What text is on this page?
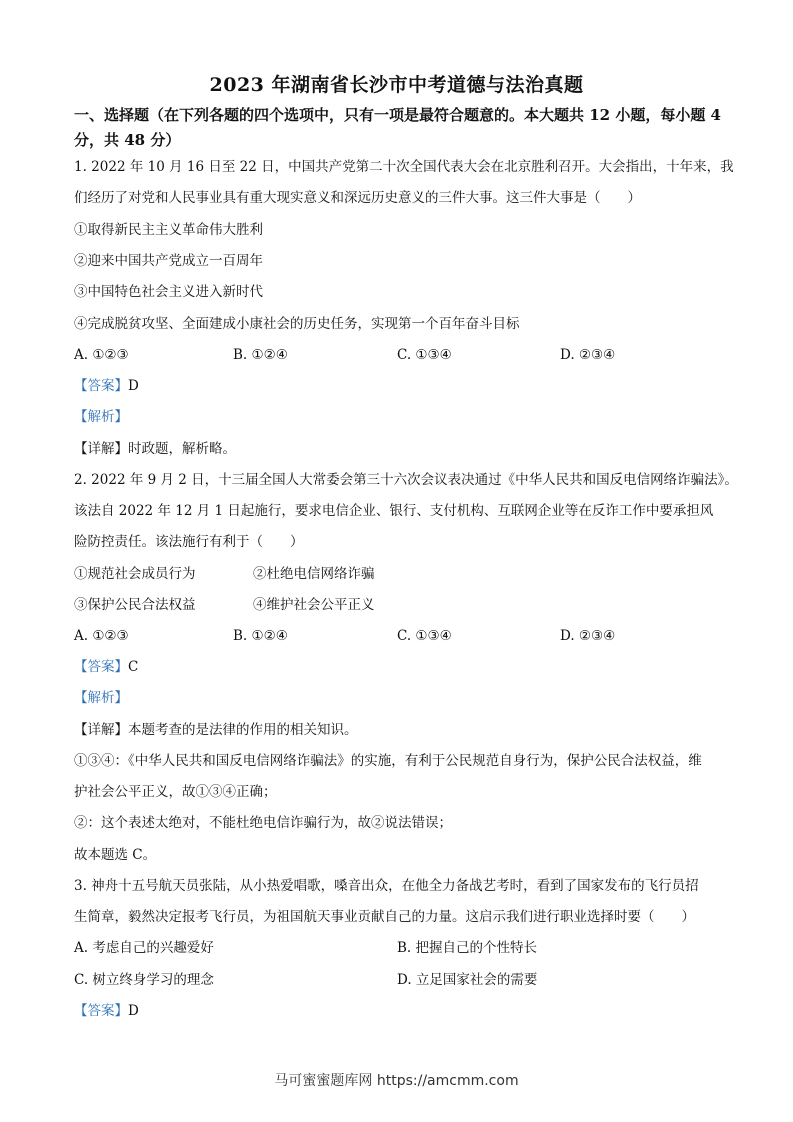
2023 年湖南省长沙市中考道德与法治真题
一、选择题（在下列各题的四个选项中，只有一项是最符合题意的。本大题共 12 小题，每小题 4 分，共 48 分）
1. 2022 年 10 月 16 日至 22 日，中国共产党第二十次全国代表大会在北京胜利召开。大会指出，十年来，我
们经历了对党和人民事业具有重大现实意义和深远历史意义的三件大事。这三件大事是（　　）
①取得新民主主义革命伟大胜利
②迎来中国共产党成立一百周年
③中国特色社会主义进入新时代
④完成脱贫攻坚、全面建成小康社会的历史任务，实现第一个百年奋斗目标
A. ①②③	B. ①②④	C. ①③④	D. ②③④
【答案】D
【解析】
【详解】时政题，解析略。
2. 2022 年 9 月 2 日，十三届全国人大常委会第三十六次会议表决通过《中华人民共和国反电信网络诈骗法》。
该法自 2022 年 12 月 1 日起施行，要求电信企业、银行、支付机构、互联网企业等在反诈工作中要承担风
险防控责任。该法施行有利于（　　）
①规范社会成员行为	②杜绝电信网络诈骗
③保护公民合法权益	④维护社会公平正义
A. ①②③	B. ①②④	C. ①③④	D. ②③④
【答案】C
【解析】
【详解】本题考查的是法律的作用的相关知识。
①③④：《中华人民共和国反电信网络诈骗法》的实施，有利于公民规范自身行为，保护公民合法权益，维
护社会公平正义，故①③④正确；
②：这个表述太绝对，不能杜绝电信诈骗行为，故②说法错误；
故本题选 C。
3. 神舟十五号航天员张陆，从小热爱唱歌，嗓音出众，在他全力备战艺考时，看到了国家发布的飞行员招
生简章，毅然决定报考飞行员，为祖国航天事业贡献自己的力量。这启示我们进行职业选择时要（　　）
A. 考虑自己的兴趣爱好	B. 把握自己的个性特长
C. 树立终身学习的理念	D. 立足国家社会的需要
【答案】D
马可蜜蜜题库网 https://amcmm.com
